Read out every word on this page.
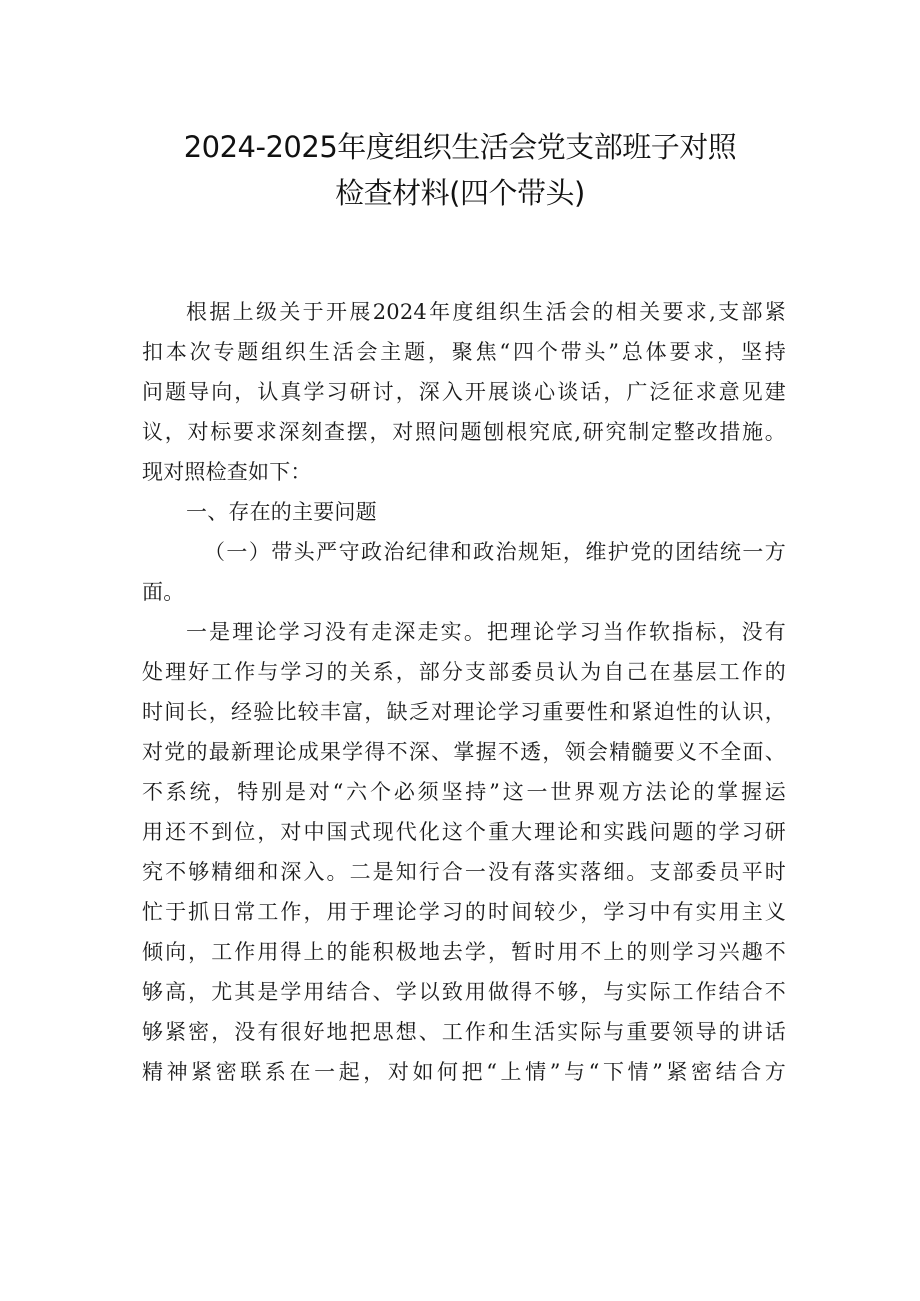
2024-2025年度组织生活会党支部班子对照
检查材料(四个带头)
根据上级关于开展2024年度组织生活会的相关要求,支部紧
扣本次专题组织生活会主题，聚焦“四个带头”总体要求，坚持
问题导向，认真学习研讨，深入开展谈心谈话，广泛征求意见建
议，对标要求深刻查摆，对照问题刨根究底,研究制定整改措施。
现对照检查如下：
一、存在的主要问题
（一）带头严守政治纪律和政治规矩，维护党的团结统一方
面。
一是理论学习没有走深走实。把理论学习当作软指标，没有
处理好工作与学习的关系，部分支部委员认为自己在基层工作的
时间长，经验比较丰富，缺乏对理论学习重要性和紧迫性的认识，
对党的最新理论成果学得不深、掌握不透，领会精髓要义不全面、
不系统，特别是对“六个必须坚持”这一世界观方法论的掌握运
用还不到位，对中国式现代化这个重大理论和实践问题的学习研
究不够精细和深入。二是知行合一没有落实落细。支部委员平时
忙于抓日常工作，用于理论学习的时间较少，学习中有实用主义
倾向，工作用得上的能积极地去学，暂时用不上的则学习兴趣不
够高，尤其是学用结合、学以致用做得不够，与实际工作结合不
够紧密，没有很好地把思想、工作和生活实际与重要领导的讲话
精神紧密联系在一起，对如何把“上情”与“下情”紧密结合方
